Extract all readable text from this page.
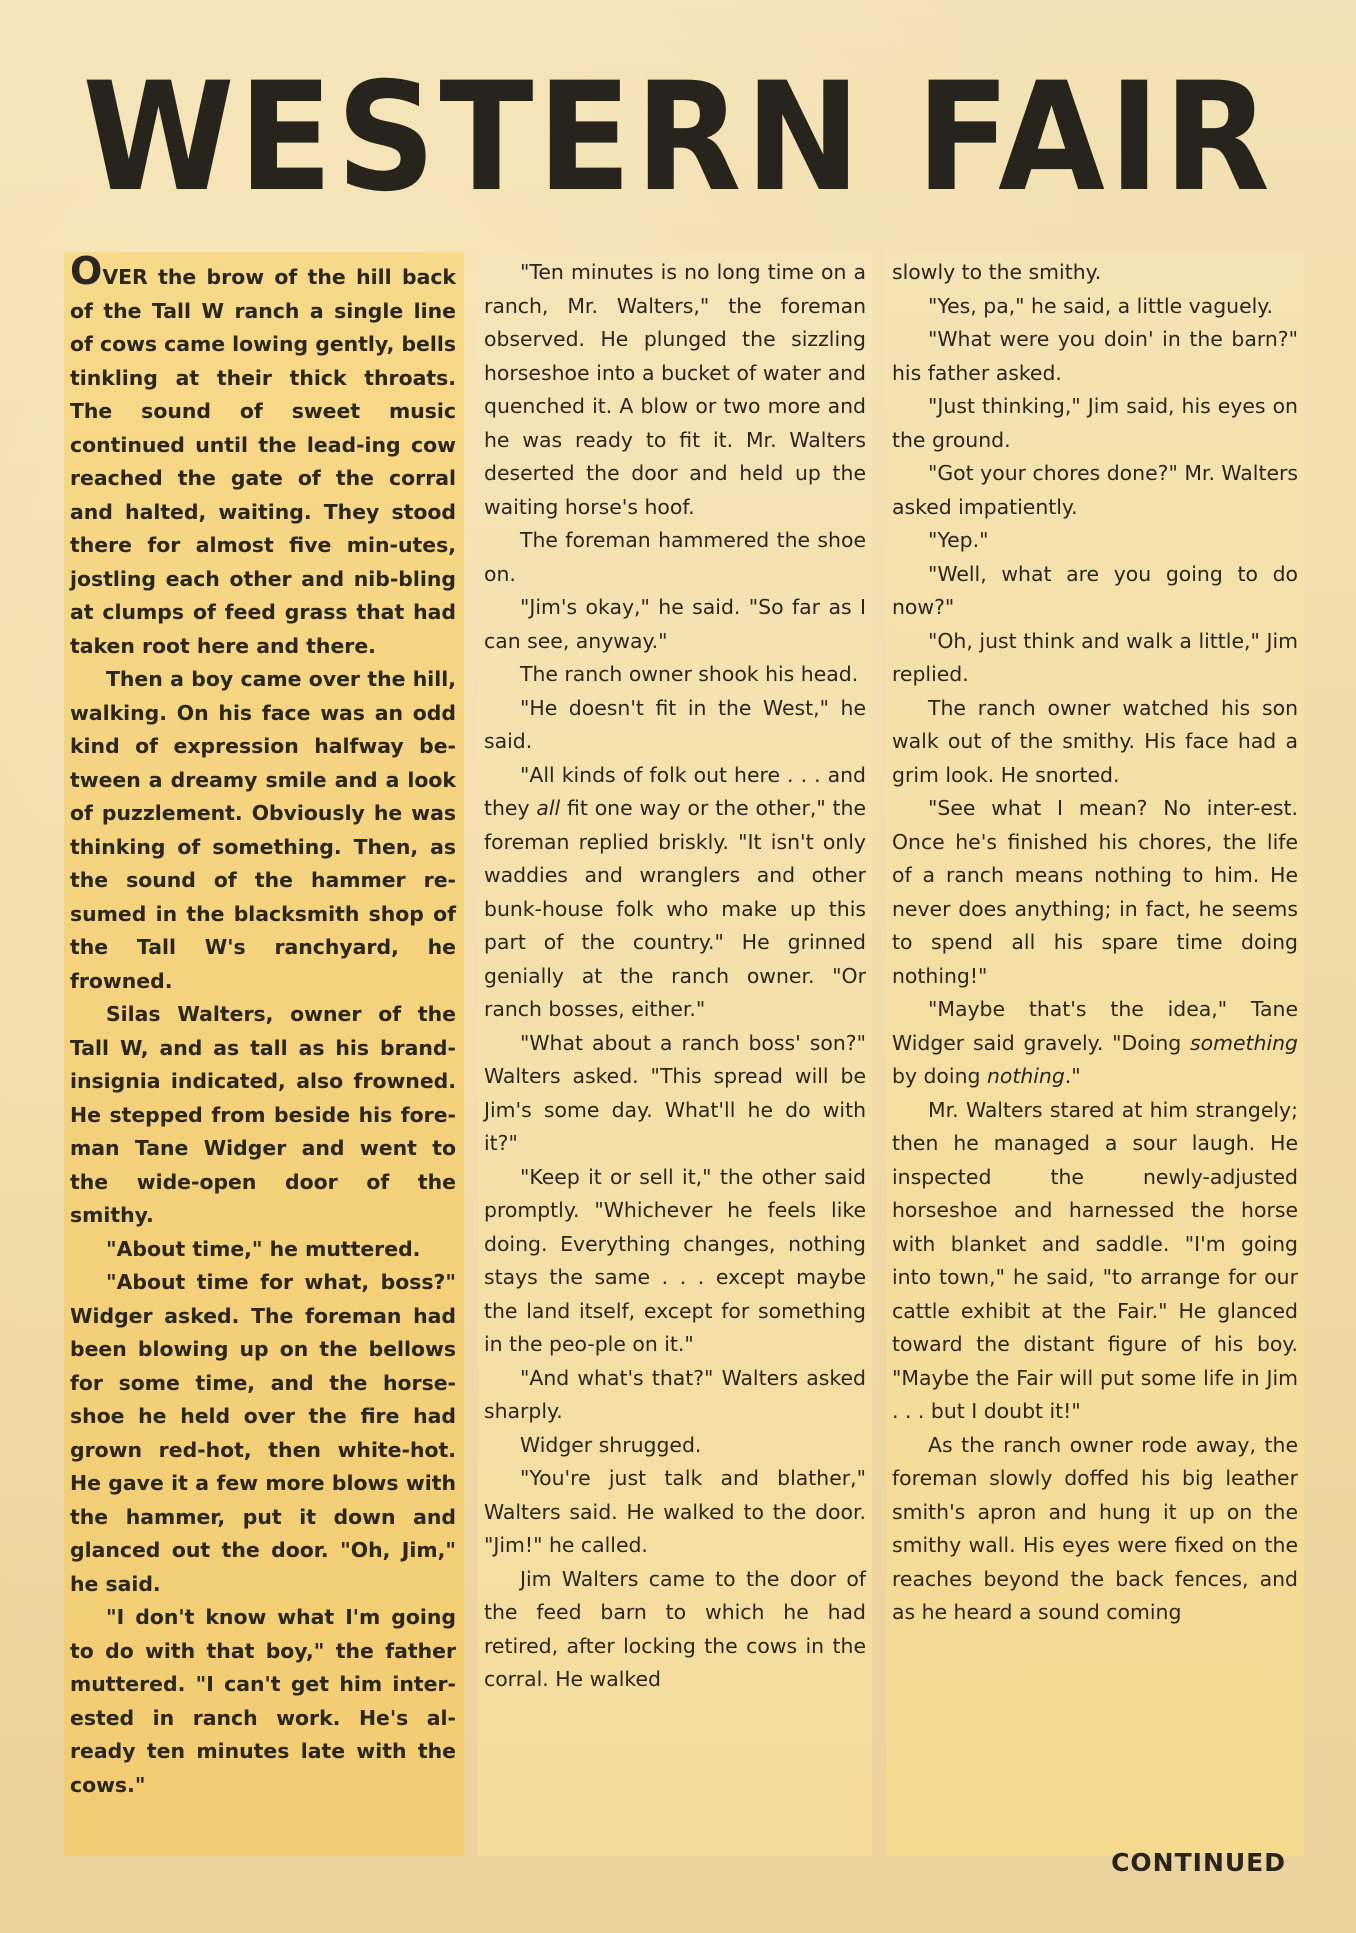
WESTERN FAIR

OVER the brow of the hill back of the Tall W ranch a single line of cows came lowing gently, bells tinkling at their thick throats. The sound of sweet music continued until the lead-ing cow reached the gate of the corral and halted, waiting. They stood there for almost five min-utes, jostling each other and nib-bling at clumps of feed grass that had taken root here and there.

Then a boy came over the hill, walking. On his face was an odd kind of expression halfway be-tween a dreamy smile and a look of puzzlement. Obviously he was thinking of something. Then, as the sound of the hammer re-sumed in the blacksmith shop of the Tall W's ranchyard, he frowned.

Silas Walters, owner of the Tall W, and as tall as his brand-insignia indicated, also frowned. He stepped from beside his fore-man Tane Widger and went to the wide-open door of the smithy.

"About time," he muttered.

"About time for what, boss?" Widger asked. The foreman had been blowing up on the bellows for some time, and the horse-shoe he held over the fire had grown red-hot, then white-hot. He gave it a few more blows with the hammer, put it down and glanced out the door. "Oh, Jim," he said.

"I don't know what I'm going to do with that boy," the father muttered. "I can't get him inter-ested in ranch work. He's al-ready ten minutes late with the cows."

"Ten minutes is no long time on a ranch, Mr. Walters," the foreman observed. He plunged the sizzling horseshoe into a bucket of water and quenched it. A blow or two more and he was ready to fit it. Mr. Walters deserted the door and held up the waiting horse's hoof.

The foreman hammered the shoe on.

"Jim's okay," he said. "So far as I can see, anyway."

The ranch owner shook his head.

"He doesn't fit in the West," he said.

"All kinds of folk out here . . . and they all fit one way or the other," the foreman replied briskly. "It isn't only waddies and wranglers and other bunk-house folk who make up this part of the country." He grinned genially at the ranch owner. "Or ranch bosses, either."

"What about a ranch boss' son?" Walters asked. "This spread will be Jim's some day. What'll he do with it?"

"Keep it or sell it," the other said promptly. "Whichever he feels like doing. Everything changes, nothing stays the same . . . except maybe the land itself, except for something in the peo-ple on it."

"And what's that?" Walters asked sharply.

Widger shrugged.

"You're just talk and blather," Walters said. He walked to the door. "Jim!" he called.

Jim Walters came to the door of the feed barn to which he had retired, after locking the cows in the corral. He walked

slowly to the smithy.

"Yes, pa," he said, a little vaguely.

"What were you doin' in the barn?" his father asked.

"Just thinking," Jim said, his eyes on the ground.

"Got your chores done?" Mr. Walters asked impatiently.

"Yep."

"Well, what are you going to do now?"

"Oh, just think and walk a little," Jim replied.

The ranch owner watched his son walk out of the smithy. His face had a grim look. He snorted.

"See what I mean? No inter-est. Once he's finished his chores, the life of a ranch means nothing to him. He never does anything; in fact, he seems to spend all his spare time doing nothing!"

"Maybe that's the idea," Tane Widger said gravely. "Doing something by doing nothing."

Mr. Walters stared at him strangely; then he managed a sour laugh. He inspected the newly-adjusted horseshoe and harnessed the horse with blanket and saddle. "I'm going into town," he said, "to arrange for our cattle exhibit at the Fair." He glanced toward the distant figure of his boy. "Maybe the Fair will put some life in Jim . . . but I doubt it!"

As the ranch owner rode away, the foreman slowly doffed his big leather smith's apron and hung it up on the smithy wall. His eyes were fixed on the reaches beyond the back fences, and as he heard a sound coming

CONTINUED
